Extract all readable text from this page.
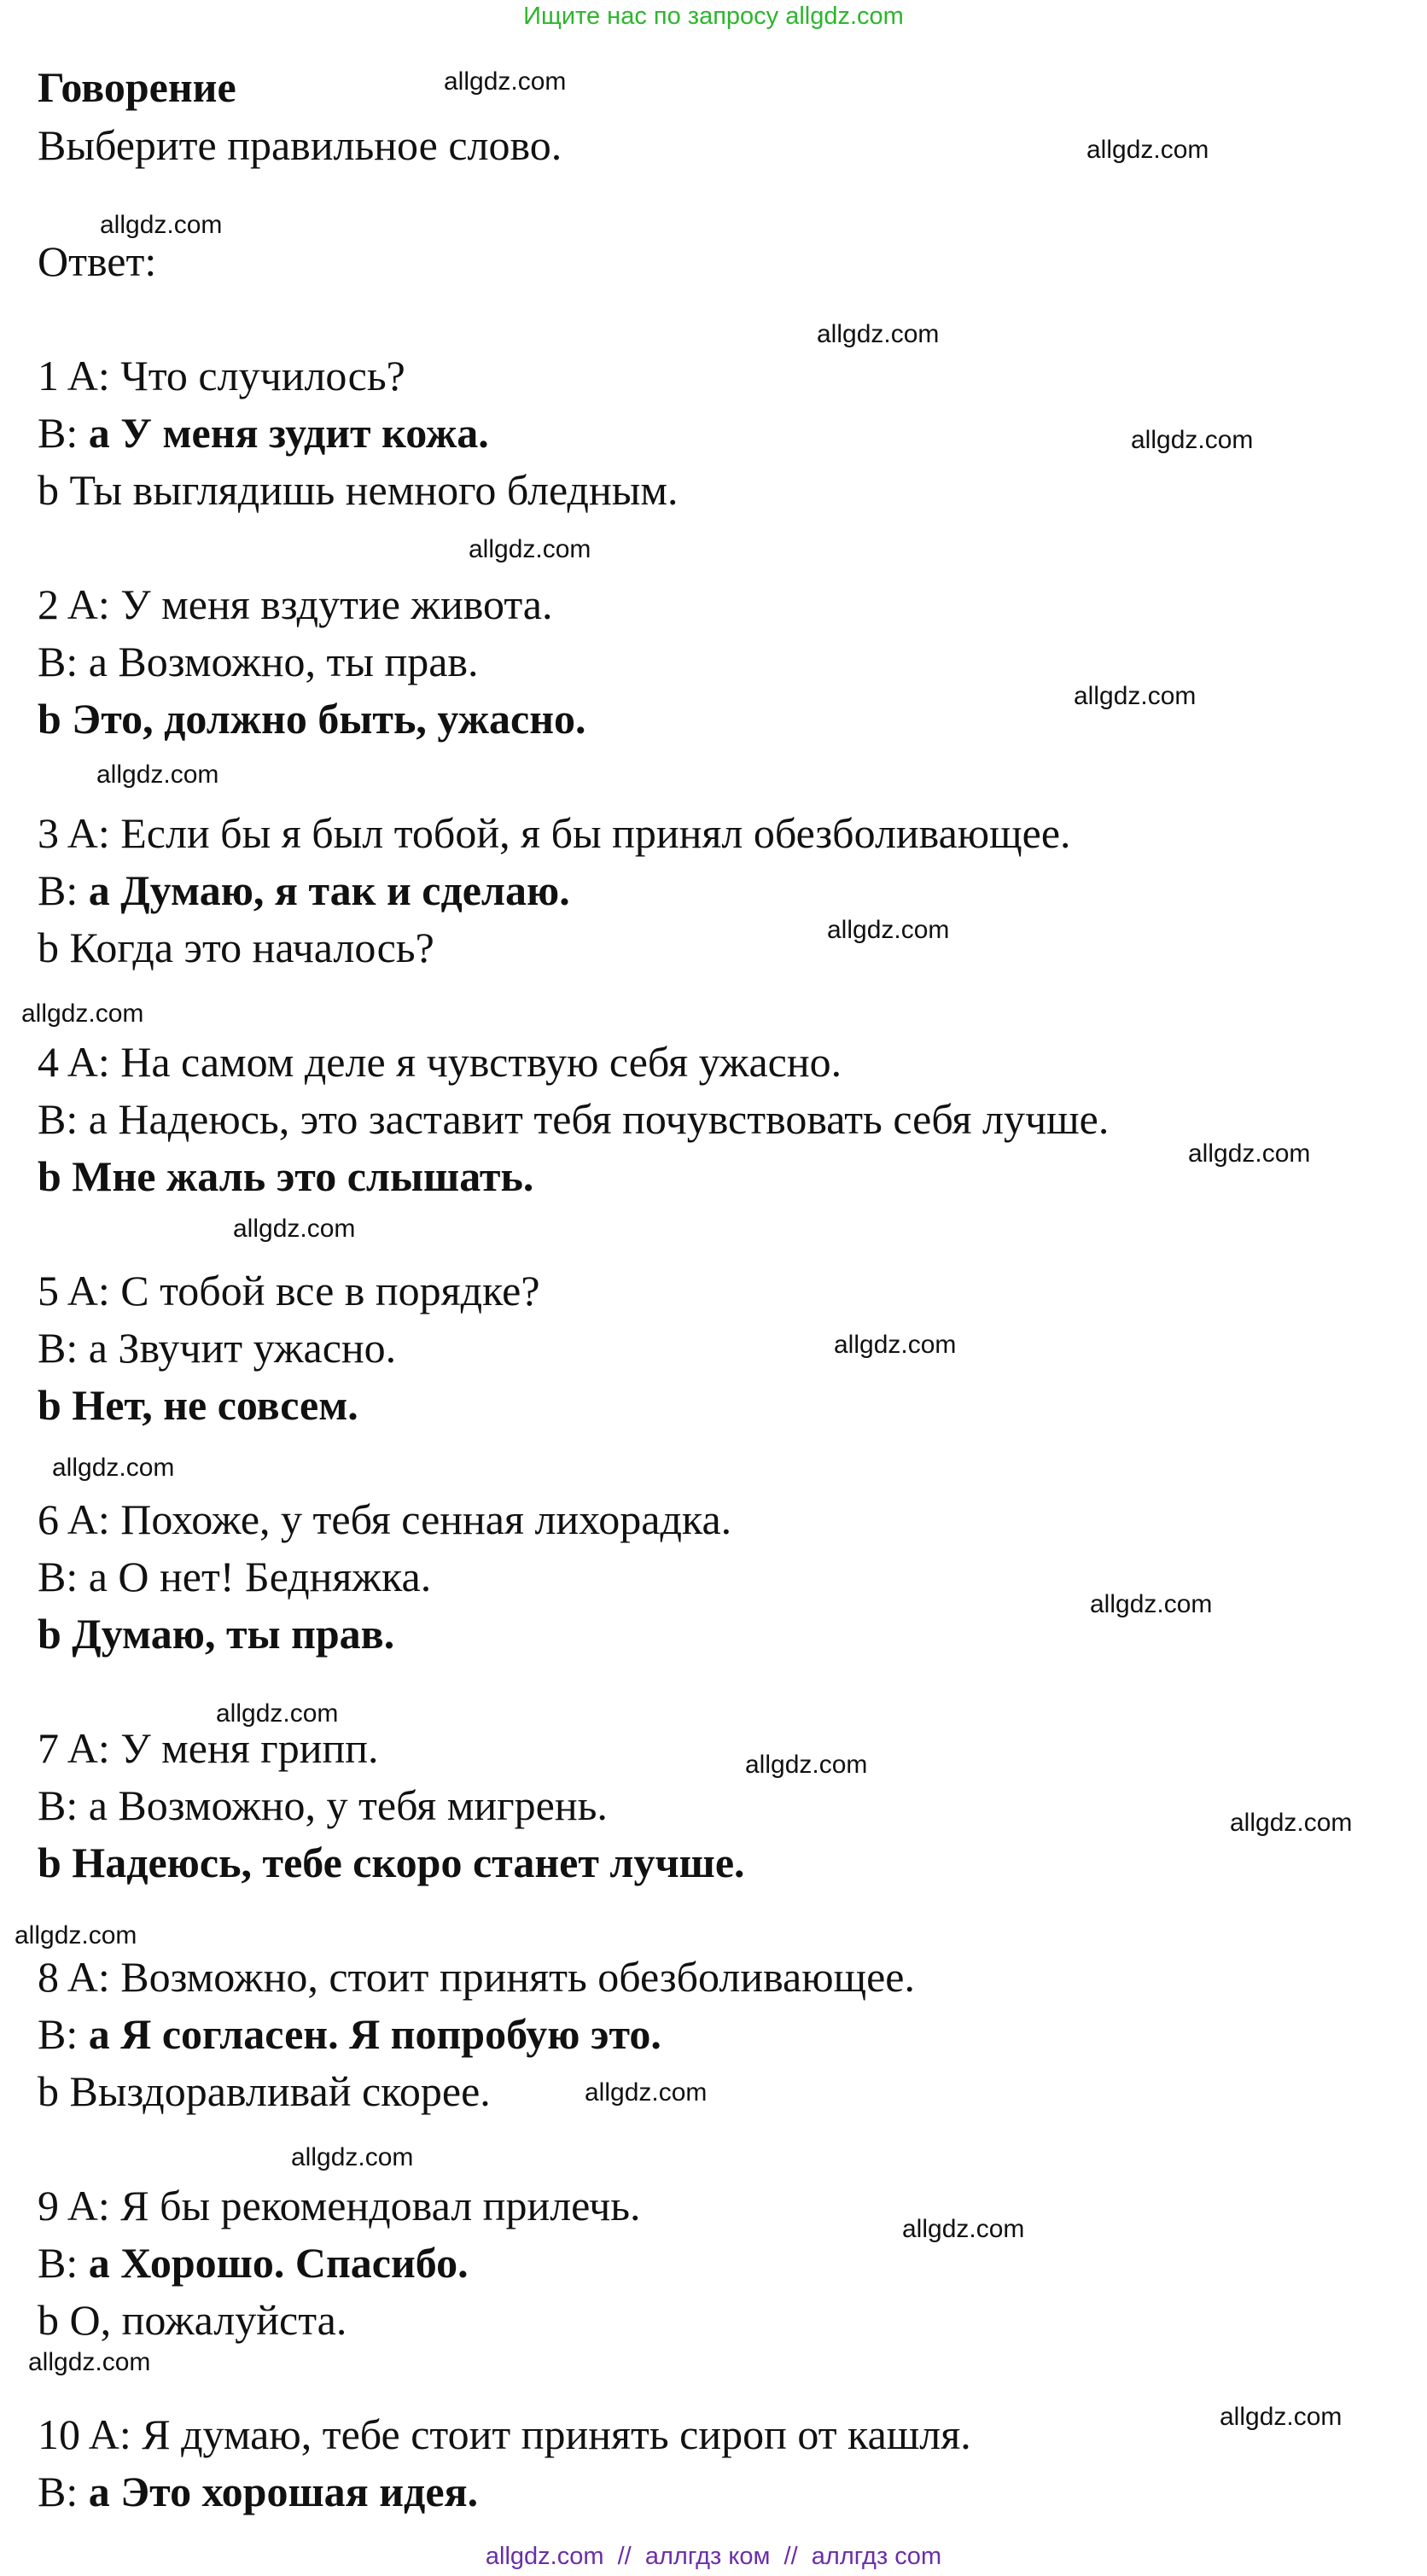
Ищите нас по запросу allgdz.com
Говорение
Выберите правильное слово.
Ответ:
1 A: Что случилось?
B: a У меня зудит кожа.
b Ты выглядишь немного бледным.
2 A: У меня вздутие живота.
B: a Возможно, ты прав.
b Это, должно быть, ужасно.
3 A: Если бы я был тобой, я бы принял обезболивающее.
B: a Думаю, я так и сделаю.
b Когда это началось?
4 A: На самом деле я чувствую себя ужасно.
B: a Надеюсь, это заставит тебя почувствовать себя лучше.
b Мне жаль это слышать.
5 A: С тобой все в порядке?
B: a Звучит ужасно.
b Нет, не совсем.
6 A: Похоже, у тебя сенная лихорадка.
B: a О нет! Бедняжка.
b Думаю, ты прав.
7 A: У меня грипп.
B: a Возможно, у тебя мигрень.
b Надеюсь, тебе скоро станет лучше.
8 A: Возможно, стоит принять обезболивающее.
B: a Я согласен. Я попробую это.
b Выздоравливай скорее.
9 A: Я бы рекомендовал прилечь.
B: a Хорошо. Спасибо.
b О, пожалуйста.
10 A: Я думаю, тебе стоит принять сироп от кашля.
B: a Это хорошая идея.
allgdz.com
allgdz.com
allgdz.com
allgdz.com
allgdz.com
allgdz.com
allgdz.com
allgdz.com
allgdz.com
allgdz.com
allgdz.com
allgdz.com
allgdz.com
allgdz.com
allgdz.com
allgdz.com
allgdz.com
allgdz.com
allgdz.com
allgdz.com
allgdz.com
allgdz.com
allgdz.com
allgdz.com
allgdz.com  //  аллгдз ком  //  аллгдз com
